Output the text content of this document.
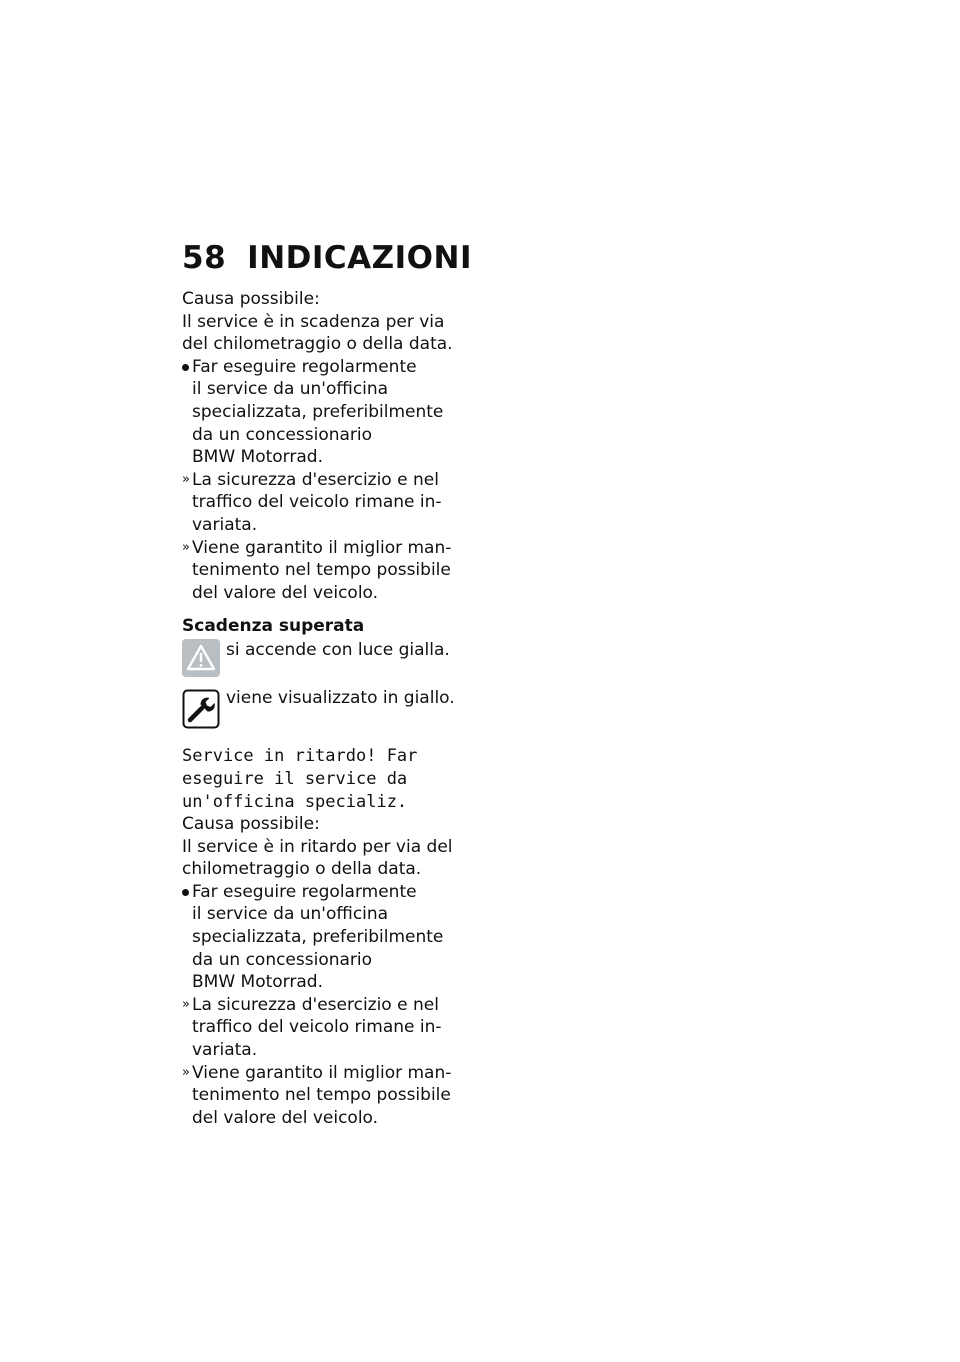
58 INDICAZIONI
Causa possibile:
Il service è in scadenza per via
del chilometraggio o della data.
Far eseguire regolarmente
il service da un'officina
specializzata, preferibilmente
da un concessionario
BMW Motorrad.
» La sicurezza d'esercizio e nel
traffico del veicolo rimane in-
variata.
» Viene garantito il miglior man-
tenimento nel tempo possibile
del valore del veicolo.
Scadenza superata
si accende con luce gialla.
viene visualizzato in giallo.
Service in ritardo! Far
eseguire il service da
un'officina specializ.
Causa possibile:
Il service è in ritardo per via del
chilometraggio o della data.
Far eseguire regolarmente
il service da un'officina
specializzata, preferibilmente
da un concessionario
BMW Motorrad.
» La sicurezza d'esercizio e nel
traffico del veicolo rimane in-
variata.
» Viene garantito il miglior man-
tenimento nel tempo possibile
del valore del veicolo.
